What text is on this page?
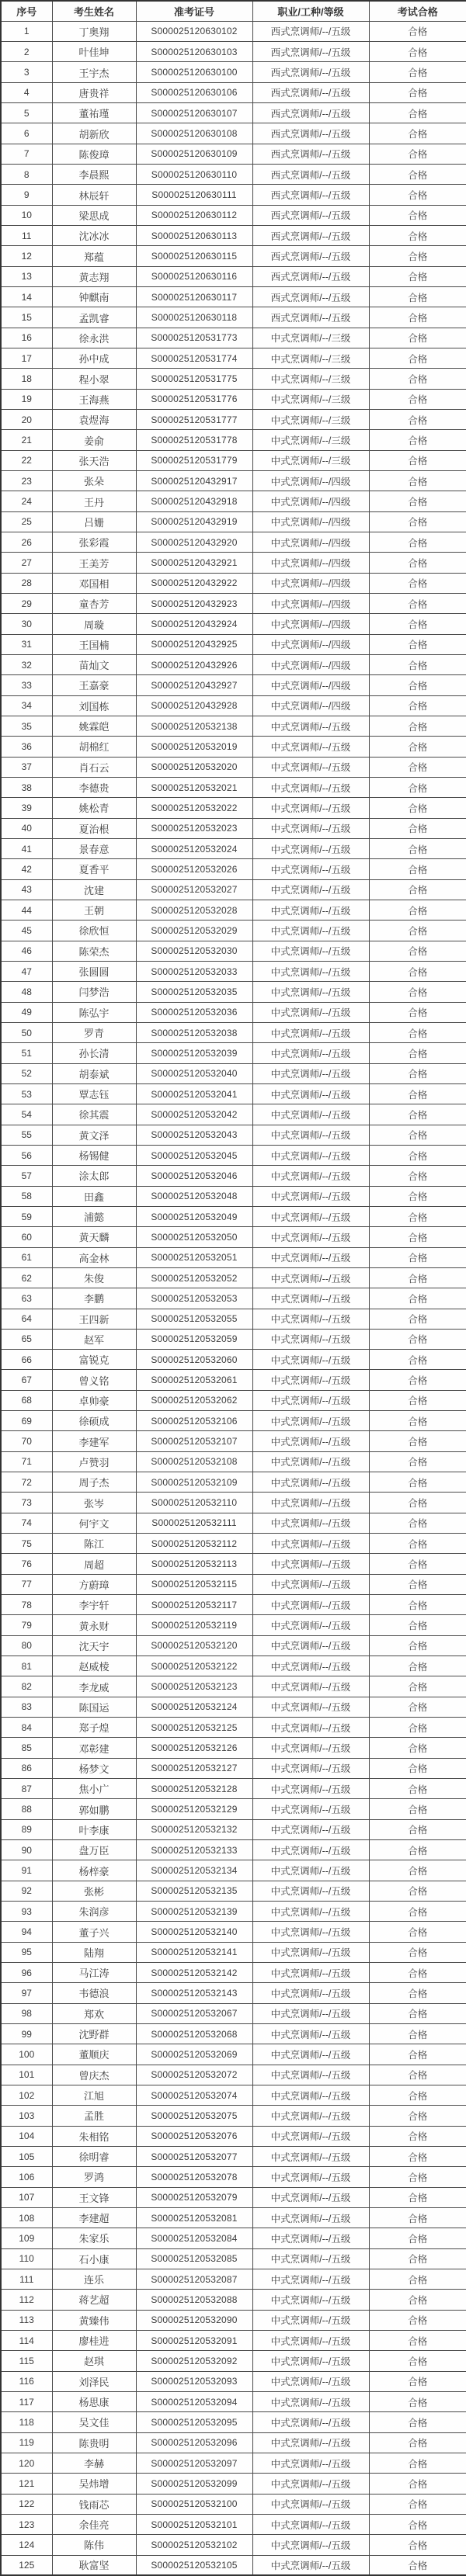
序号	考生姓名	准考证号	职业/工种/等级	考试合格
1	丁奥翔	S000025120630102	西式烹调师/--/五级	合格
2	叶佳坤	S000025120630103	西式烹调师/--/五级	合格
3	王宇杰	S000025120630100	西式烹调师/--/五级	合格
4	唐贵祥	S000025120630106	西式烹调师/--/五级	合格
5	董祐瑾	S000025120630107	西式烹调师/--/五级	合格
6	胡新欣	S000025120630108	西式烹调师/--/五级	合格
7	陈俊璋	S000025120630109	西式烹调师/--/五级	合格
8	李晨熙	S000025120630110	西式烹调师/--/五级	合格
9	林辰轩	S000025120630111	西式烹调师/--/五级	合格
10	梁思成	S000025120630112	西式烹调师/--/五级	合格
11	沈冰冰	S000025120630113	西式烹调师/--/五级	合格
12	郑蕴	S000025120630115	西式烹调师/--/五级	合格
13	黄志翔	S000025120630116	西式烹调师/--/五级	合格
14	钟麒南	S000025120630117	西式烹调师/--/五级	合格
15	孟凯睿	S000025120630118	西式烹调师/--/五级	合格
16	徐永洪	S000025120531773	中式烹调师/--/三级	合格
17	孙中成	S000025120531774	中式烹调师/--/三级	合格
18	程小翠	S000025120531775	中式烹调师/--/三级	合格
19	王海燕	S000025120531776	中式烹调师/--/三级	合格
20	袁煜海	S000025120531777	中式烹调师/--/三级	合格
21	姜俞	S000025120531778	中式烹调师/--/三级	合格
22	张天浩	S000025120531779	中式烹调师/--/三级	合格
23	张朵	S000025120432917	中式烹调师/--/四级	合格
24	王丹	S000025120432918	中式烹调师/--/四级	合格
25	吕姗	S000025120432919	中式烹调师/--/四级	合格
26	张彩霞	S000025120432920	中式烹调师/--/四级	合格
27	王美芳	S000025120432921	中式烹调师/--/四级	合格
28	邓国相	S000025120432922	中式烹调师/--/四级	合格
29	童杏芳	S000025120432923	中式烹调师/--/四级	合格
30	周璇	S000025120432924	中式烹调师/--/四级	合格
31	王国楠	S000025120432925	中式烹调师/--/四级	合格
32	苗灿文	S000025120432926	中式烹调师/--/四级	合格
33	王嘉豪	S000025120432927	中式烹调师/--/四级	合格
34	刘国栋	S000025120432928	中式烹调师/--/四级	合格
35	姚霖皑	S000025120532138	中式烹调师/--/五级	合格
36	胡棉红	S000025120532019	中式烹调师/--/五级	合格
37	肖石云	S000025120532020	中式烹调师/--/五级	合格
38	李德贵	S000025120532021	中式烹调师/--/五级	合格
39	姚松青	S000025120532022	中式烹调师/--/五级	合格
40	夏治根	S000025120532023	中式烹调师/--/五级	合格
41	景春意	S000025120532024	中式烹调师/--/五级	合格
42	夏香平	S000025120532026	中式烹调师/--/五级	合格
43	沈建	S000025120532027	中式烹调师/--/五级	合格
44	王朝	S000025120532028	中式烹调师/--/五级	合格
45	徐欣恒	S000025120532029	中式烹调师/--/五级	合格
46	陈荣杰	S000025120532030	中式烹调师/--/五级	合格
47	张圆圆	S000025120532033	中式烹调师/--/五级	合格
48	闫梦浩	S000025120532035	中式烹调师/--/五级	合格
49	陈弘宇	S000025120532036	中式烹调师/--/五级	合格
50	罗青	S000025120532038	中式烹调师/--/五级	合格
51	孙长清	S000025120532039	中式烹调师/--/五级	合格
52	胡泰斌	S000025120532040	中式烹调师/--/五级	合格
53	覃志钰	S000025120532041	中式烹调师/--/五级	合格
54	徐其震	S000025120532042	中式烹调师/--/五级	合格
55	黄文泽	S000025120532043	中式烹调师/--/五级	合格
56	杨锡健	S000025120532045	中式烹调师/--/五级	合格
57	涂太郎	S000025120532046	中式烹调师/--/五级	合格
58	田鑫	S000025120532048	中式烹调师/--/五级	合格
59	浦懿	S000025120532049	中式烹调师/--/五级	合格
60	黄天麟	S000025120532050	中式烹调师/--/五级	合格
61	高金林	S000025120532051	中式烹调师/--/五级	合格
62	朱俊	S000025120532052	中式烹调师/--/五级	合格
63	李鹏	S000025120532053	中式烹调师/--/五级	合格
64	王四新	S000025120532055	中式烹调师/--/五级	合格
65	赵军	S000025120532059	中式烹调师/--/五级	合格
66	富锐克	S000025120532060	中式烹调师/--/五级	合格
67	曾义铭	S000025120532061	中式烹调师/--/五级	合格
68	卓帅豪	S000025120532062	中式烹调师/--/五级	合格
69	徐硕成	S000025120532106	中式烹调师/--/五级	合格
70	李建军	S000025120532107	中式烹调师/--/五级	合格
71	卢赞羽	S000025120532108	中式烹调师/--/五级	合格
72	周子杰	S000025120532109	中式烹调师/--/五级	合格
73	张岑	S000025120532110	中式烹调师/--/五级	合格
74	何宇文	S000025120532111	中式烹调师/--/五级	合格
75	陈江	S000025120532112	中式烹调师/--/五级	合格
76	周超	S000025120532113	中式烹调师/--/五级	合格
77	方蔚璋	S000025120532115	中式烹调师/--/五级	合格
78	李宇轩	S000025120532117	中式烹调师/--/五级	合格
79	黄永财	S000025120532119	中式烹调师/--/五级	合格
80	沈天宇	S000025120532120	中式烹调师/--/五级	合格
81	赵威棱	S000025120532122	中式烹调师/--/五级	合格
82	李龙威	S000025120532123	中式烹调师/--/五级	合格
83	陈国运	S000025120532124	中式烹调师/--/五级	合格
84	郑子煌	S000025120532125	中式烹调师/--/五级	合格
85	邓彰建	S000025120532126	中式烹调师/--/五级	合格
86	杨梦文	S000025120532127	中式烹调师/--/五级	合格
87	焦小广	S000025120532128	中式烹调师/--/五级	合格
88	郭如鹏	S000025120532129	中式烹调师/--/五级	合格
89	叶李康	S000025120532132	中式烹调师/--/五级	合格
90	盘万臣	S000025120532133	中式烹调师/--/五级	合格
91	杨梓豪	S000025120532134	中式烹调师/--/五级	合格
92	张彬	S000025120532135	中式烹调师/--/五级	合格
93	朱润彦	S000025120532139	中式烹调师/--/五级	合格
94	董子兴	S000025120532140	中式烹调师/--/五级	合格
95	陆翔	S000025120532141	中式烹调师/--/五级	合格
96	马江涛	S000025120532142	中式烹调师/--/五级	合格
97	韦德浪	S000025120532143	中式烹调师/--/五级	合格
98	郑欢	S000025120532067	中式烹调师/--/五级	合格
99	沈野群	S000025120532068	中式烹调师/--/五级	合格
100	董顺庆	S000025120532069	中式烹调师/--/五级	合格
101	曾庆杰	S000025120532072	中式烹调师/--/五级	合格
102	江旭	S000025120532074	中式烹调师/--/五级	合格
103	孟胜	S000025120532075	中式烹调师/--/五级	合格
104	朱相铭	S000025120532076	中式烹调师/--/五级	合格
105	徐明睿	S000025120532077	中式烹调师/--/五级	合格
106	罗鸿	S000025120532078	中式烹调师/--/五级	合格
107	王文锋	S000025120532079	中式烹调师/--/五级	合格
108	李建超	S000025120532081	中式烹调师/--/五级	合格
109	朱家乐	S000025120532084	中式烹调师/--/五级	合格
110	石小康	S000025120532085	中式烹调师/--/五级	合格
111	连乐	S000025120532087	中式烹调师/--/五级	合格
112	蒋艺超	S000025120532088	中式烹调师/--/五级	合格
113	黄臻伟	S000025120532090	中式烹调师/--/五级	合格
114	廖桂进	S000025120532091	中式烹调师/--/五级	合格
115	赵琪	S000025120532092	中式烹调师/--/五级	合格
116	刘泽民	S000025120532093	中式烹调师/--/五级	合格
117	杨思康	S000025120532094	中式烹调师/--/五级	合格
118	吴文佳	S000025120532095	中式烹调师/--/五级	合格
119	陈贵明	S000025120532096	中式烹调师/--/五级	合格
120	李赫	S000025120532097	中式烹调师/--/五级	合格
121	吴炜增	S000025120532099	中式烹调师/--/五级	合格
122	钱雨芯	S000025120532100	中式烹调师/--/五级	合格
123	余佳亮	S000025120532101	中式烹调师/--/五级	合格
124	陈伟	S000025120532102	中式烹调师/--/五级	合格
125	耿富坚	S000025120532105	中式烹调师/--/五级	合格
